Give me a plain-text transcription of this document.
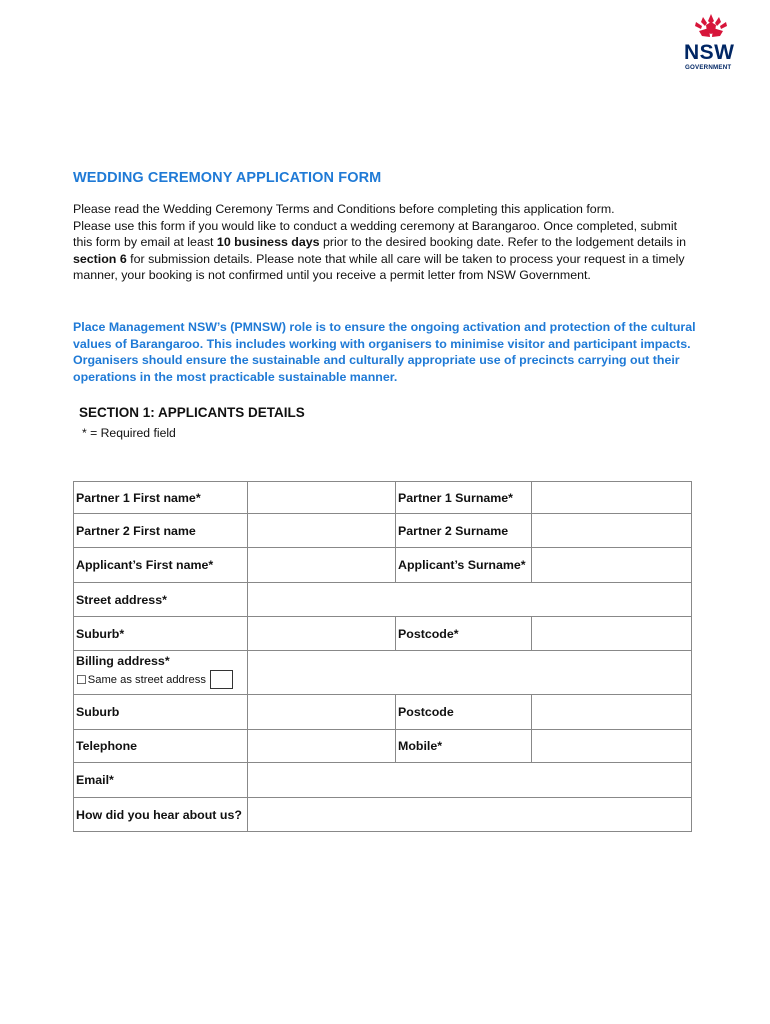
NSW
GOVERNMENT
WEDDING CEREMONY APPLICATION FORM

Please read the Wedding Ceremony Terms and Conditions before completing this application form.

Please use this form if you would like to conduct a wedding ceremony at Barangaroo. Once completed, submit this form by email at least 10 business days prior to the desired booking date. Refer to the lodgement details in section 6 for submission details. Please note that while all care will be taken to process your request in a timely manner, your booking is not confirmed until you receive a permit letter from NSW Government.

Place Management NSW’s (PMNSW) role is to ensure the ongoing activation and protection of the cultural values of Barangaroo. This includes working with organisers to minimise visitor and participant impacts. Organisers should ensure the sustainable and culturally appropriate use of precincts carrying out their operations in the most practicable sustainable manner.
SECTION 1: APPLICANTS DETAILS
* = Required field
Partner 1 First name*		Partner 1 Surname*	
Partner 2 First name		Partner 2 Surname	
Applicant’s First name*		Applicant’s Surname*	
Street address*			
Suburb*		Postcode*	

Billing address*
☐ Same as street address			

Suburb		Postcode	
Telephone		Mobile*	
Email*			
How did you hear about us?			
